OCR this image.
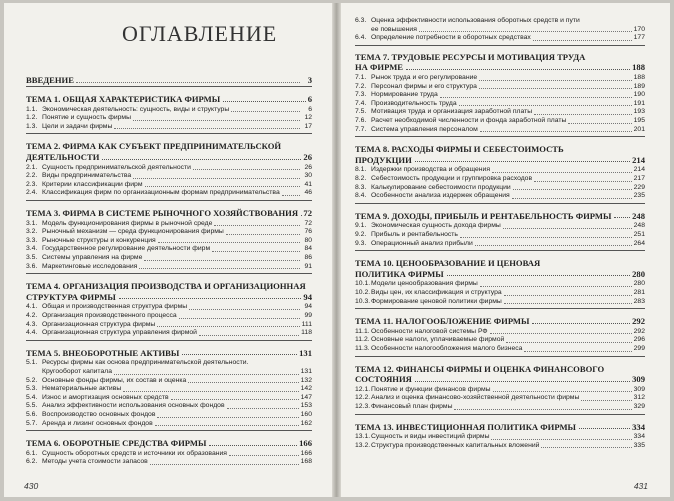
ОГЛАВЛЕНИЕ
ВВЕДЕНИЕ	3
ТЕМА 1. ОБЩАЯ ХАРАКТЕРИСТИКА ФИРМЫ	6
1.1. Экономическая деятельность: сущность, виды и структуры	6
1.2. Понятие и сущность фирмы	12
1.3. Цели и задачи фирмы	17
ТЕМА 2. ФИРМА КАК СУБЪЕКТ ПРЕДПРИНИМАТЕЛЬСКОЙ
ДЕЯТЕЛЬНОСТИ	26
2.1. Сущность предпринимательской деятельности	26
2.2. Виды предпринимательства	30
2.3. Критерии классификации фирм	41
2.4. Классификация фирм по организационным формам предпринимательства	46
ТЕМА 3. ФИРМА В СИСТЕМЕ РЫНОЧНОГО ХОЗЯЙСТВОВАНИЯ 72
3.1. Модель функционирования фирмы в рыночной среде	72
3.2. Рыночный механизм — среда функционирования фирмы	76
3.3. Рыночные структуры и конкуренция	80
3.4. Государственное регулирование деятельности фирм	84
3.5. Системы управления на фирме	86
3.6. Маркетинговые исследования	91
ТЕМА 4. ОРГАНИЗАЦИЯ ПРОИЗВОДСТВА И ОРГАНИЗАЦИОННАЯ
СТРУКТУРА ФИРМЫ	94
4.1. Общая и производственная структура фирмы	94
4.2. Организация производственного процесса	99
4.3. Организационная структура фирмы	111
4.4. Организационная структура управления фирмой	118
ТЕМА 5. ВНЕОБОРОТНЫЕ АКТИВЫ	131
5.1. Ресурсы фирмы как основа предпринимательской деятельности.
Кругооборот капитала	131
5.2. Основные фонды фирмы, их состав и оценка	132
5.3. Нематериальные активы	142
5.4. Износ и амортизация основных средств	147
5.5. Анализ эффективности использования основных фондов	153
5.6. Воспроизводство основных фондов	160
5.7. Аренда и лизинг основных фондов	162
ТЕМА 6. ОБОРОТНЫЕ СРЕДСТВА ФИРМЫ	166
6.1. Сущность оборотных средств и источники их образования	166
6.2. Методы учета стоимости запасов	168
430
6.3. Оценка эффективности использования оборотных средств и пути
ее повышения	170
6.4. Определение потребности в оборотных средствах	177
ТЕМА 7. ТРУДОВЫЕ РЕСУРСЫ И МОТИВАЦИЯ ТРУДА
НА ФИРМЕ	188
7.1. Рынок труда и его регулирование	188
7.2. Персонал фирмы и его структура	189
7.3. Нормирование труда	190
7.4. Производительность труда	191
7.5. Мотивация труда и организация заработной платы	193
7.6. Расчет необходимой численности и фонда заработной платы	195
7.7. Система управления персоналом	201
ТЕМА 8. РАСХОДЫ ФИРМЫ И СЕБЕСТОИМОСТЬ
ПРОДУКЦИИ	214
8.1. Издержки производства и обращения	214
8.2. Себестоимость продукции и группировка расходов	217
8.3. Калькулирование себестоимости продукции	229
8.4. Особенности анализа издержек обращения	235
ТЕМА 9. ДОХОДЫ, ПРИБЫЛЬ И РЕНТАБЕЛЬНОСТЬ ФИРМЫ 248
9.1. Экономическая сущность дохода фирмы	248
9.2. Прибыль и рентабельность	251
9.3. Операционный анализ прибыли	264
ТЕМА 10. ЦЕНООБРАЗОВАНИЕ И ЦЕНОВАЯ
ПОЛИТИКА ФИРМЫ	280
10.1. Модели ценообразования фирмы	280
10.2. Виды цен, их классификация и структура	281
10.3. Формирование ценовой политики фирмы	283
ТЕМА 11. НАЛОГООБЛОЖЕНИЕ ФИРМЫ	292
11.1. Особенности налоговой системы РФ	292
11.2. Основные налоги, уплачиваемые фирмой	296
11.3. Особенности налогообложения малого бизнеса	299
ТЕМА 12. ФИНАНСЫ ФИРМЫ И ОЦЕНКА ФИНАНСОВОГО
СОСТОЯНИЯ	309
12.1. Понятие и функции финансов фирмы	309
12.2. Анализ и оценка финансово-хозяйственной деятельности фирмы	312
12.3. Финансовый план фирмы	329
ТЕМА 13. ИНВЕСТИЦИОННАЯ ПОЛИТИКА ФИРМЫ	334
13.1. Сущность и виды инвестиций фирмы	334
13.2. Структура производственных капитальных вложений	335
431
